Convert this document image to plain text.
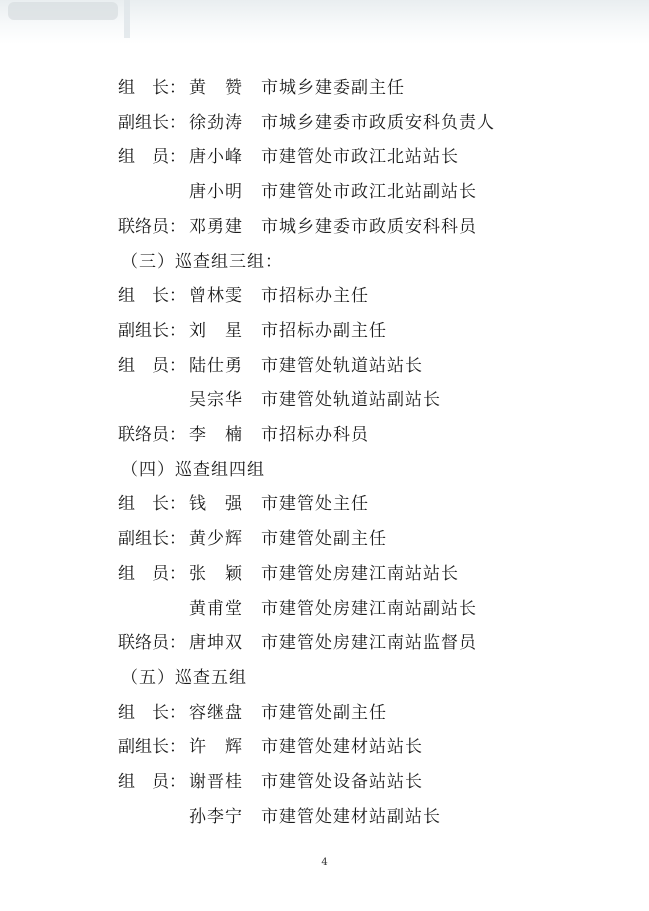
组　长： 黄　赞 市城乡建委副主任
副组长： 徐劲涛 市城乡建委市政质安科负责人
组　员： 唐小峰 市建管处市政江北站站长
唐小明 市建管处市政江北站副站长
联络员： 邓勇建 市城乡建委市政质安科科员
（三）巡查组三组：
组　长： 曾林雯 市招标办主任
副组长： 刘　星 市招标办副主任
组　员： 陆仕勇 市建管处轨道站站长
吴宗华 市建管处轨道站副站长
联络员： 李　楠 市招标办科员
（四）巡查组四组
组　长： 钱　强 市建管处主任
副组长： 黄少辉 市建管处副主任
组　员： 张　颖 市建管处房建江南站站长
黄甫堂 市建管处房建江南站副站长
联络员： 唐坤双 市建管处房建江南站监督员
（五）巡查五组
组　长： 容继盘 市建管处副主任
副组长： 许　辉 市建管处建材站站长
组　员： 谢晋桂 市建管处设备站站长
孙李宁 市建管处建材站副站长
4
